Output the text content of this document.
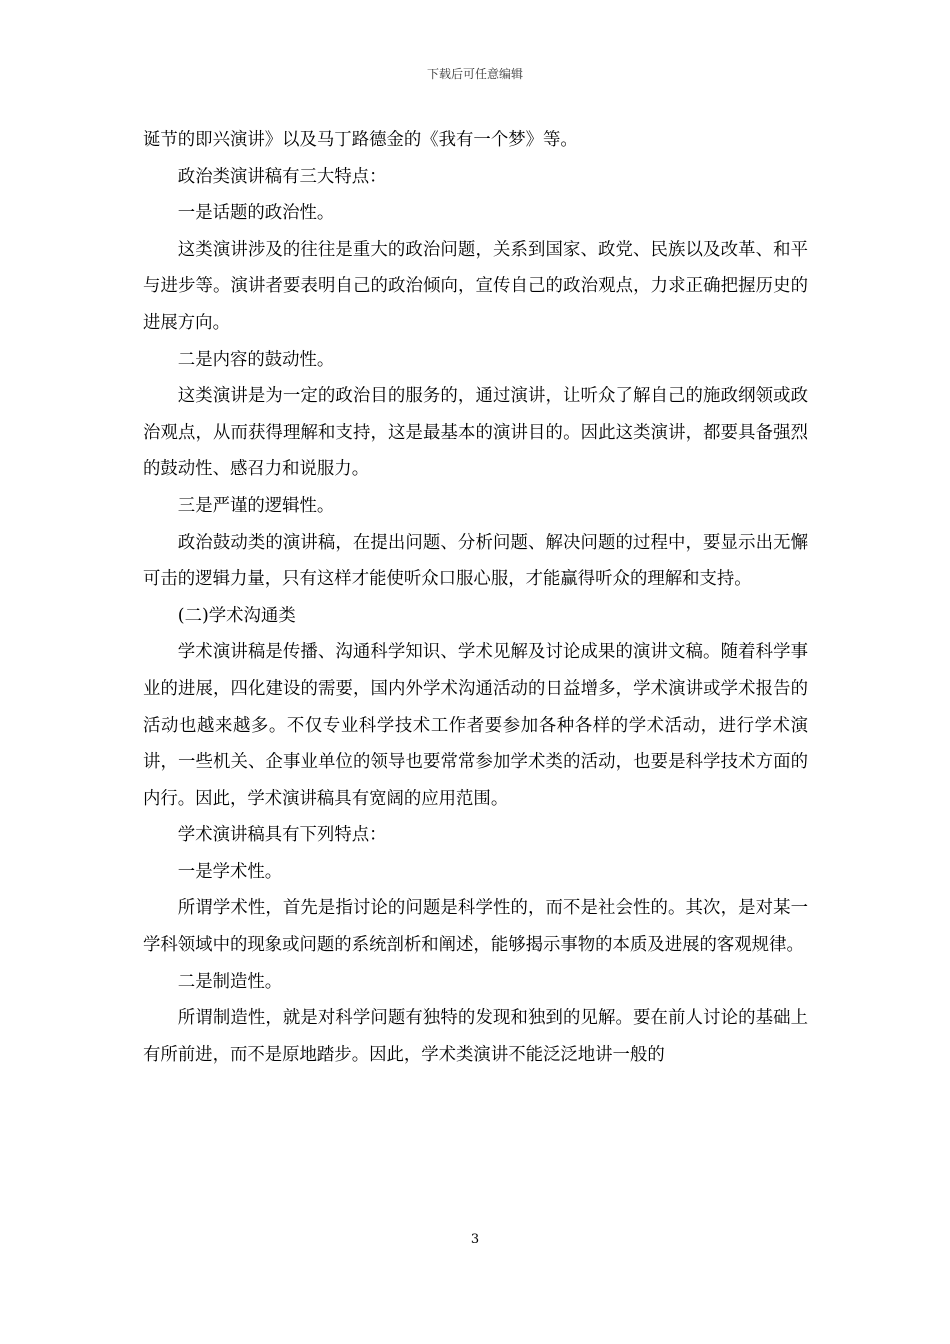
下载后可任意编辑

诞节的即兴演讲》以及马丁路德金的《我有一个梦》等。

政治类演讲稿有三大特点：

一是话题的政治性。

这类演讲涉及的往往是重大的政治问题，关系到国家、政党、民族以及改革、和平与进步等。演讲者要表明自己的政治倾向，宣传自己的政治观点，力求正确把握历史的进展方向。

二是内容的鼓动性。

这类演讲是为一定的政治目的服务的，通过演讲，让听众了解自己的施政纲领或政治观点，从而获得理解和支持，这是最基本的演讲目的。因此这类演讲，都要具备强烈的鼓动性、感召力和说服力。

三是严谨的逻辑性。

政治鼓动类的演讲稿，在提出问题、分析问题、解决问题的过程中，要显示出无懈可击的逻辑力量，只有这样才能使听众口服心服，才能赢得听众的理解和支持。

(二)学术沟通类

学术演讲稿是传播、沟通科学知识、学术见解及讨论成果的演讲文稿。随着科学事业的进展，四化建设的需要，国内外学术沟通活动的日益增多，学术演讲或学术报告的活动也越来越多。不仅专业科学技术工作者要参加各种各样的学术活动，进行学术演讲，一些机关、企事业单位的领导也要常常参加学术类的活动，也要是科学技术方面的内行。因此，学术演讲稿具有宽阔的应用范围。

学术演讲稿具有下列特点：

一是学术性。

所谓学术性，首先是指讨论的问题是科学性的，而不是社会性的。其次，是对某一学科领域中的现象或问题的系统剖析和阐述，能够揭示事物的本质及进展的客观规律。

二是制造性。

所谓制造性，就是对科学问题有独特的发现和独到的见解。要在前人讨论的基础上有所前进，而不是原地踏步。因此，学术类演讲不能泛泛地讲一般的

3
